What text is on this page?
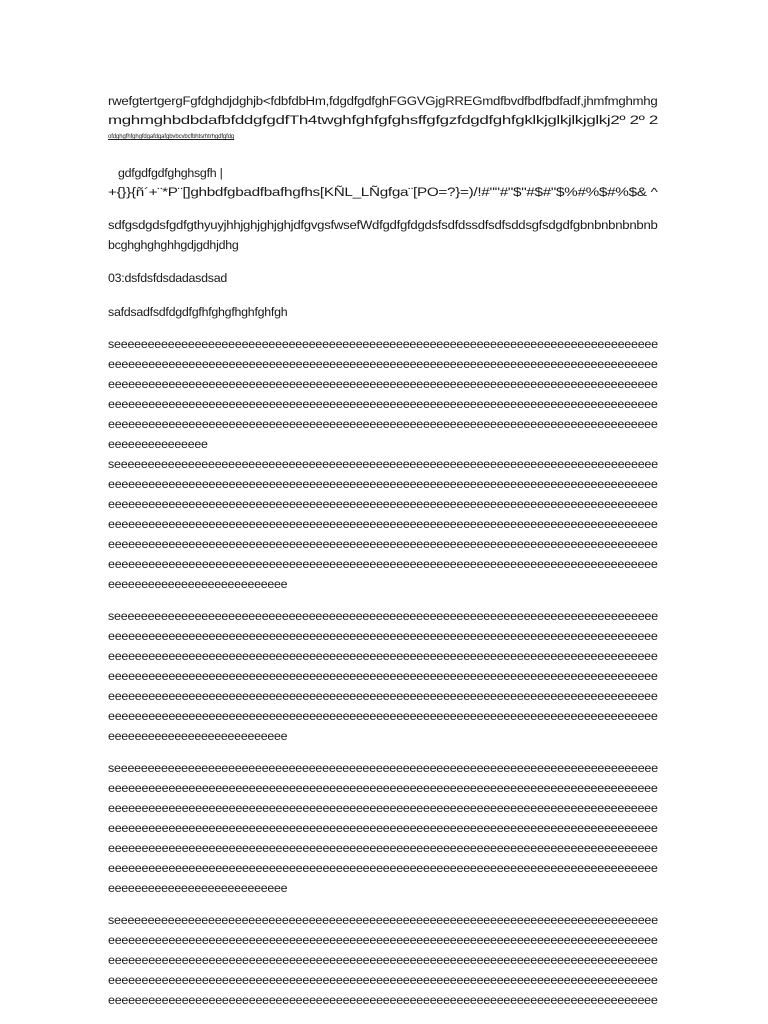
rwefgtertgergFgfdghdjdghjb<fdbfdbHm,fdgdfgdfghFGGVGjgRREGmdfbvdfbdfbdfadf,jhmfmghmhg
mghmghbdbdafbfddgfgdfTh4twghfghfgfghsffgfgzfdgdfghfgklkjglkjlkjglkj2º 2º 2
ofdghgfhfghgfdgafdgafgbvbcvbcfbhtsrhtrhgdfgfdg
gdfgdfgdfghghsgfh |
+{}}{ñ´+¨*P¨[]ghbdfgbadfbafhgfhs[KÑL_LÑgfga¨[PO=?}=)/!#""#"$"#$#"$%#%$#%$& ^
sdfgsdgdsfgdfgthyuyjhhjghjghjghjdfgvgsfwsefWdfgdfgfdgdsfsdfdssdfsdfsddsgfsdgdfgbnbnbnbnbnb
bcghghghghhgdjgdhjdhg
03:dsfdsfdsdadasdsad
safdsadfsdfdgdfgfhfghgfhghfghfgh
seeeeeeeeeeeeeeeeeeeeeeeeeeeeeeeeeeeeeeeeeeeeeeeeeeeeeeeeeeeeeeeeeeeeeeeeeeeeeeeee
eeeeeeeeeeeeeeeeeeeeeeeeeeeeeeeeeeeeeeeeeeeeeeeeeeeeeeeeeeeeeeeeeeeeeeeeeeeeeeeeee
eeeeeeeeeeeeeeeeeeeeeeeeeeeeeeeeeeeeeeeeeeeeeeeeeeeeeeeeeeeeeeeeeeeeeeeeeeeeeeeeee
eeeeeeeeeeeeeeeeeeeeeeeeeeeeeeeeeeeeeeeeeeeeeeeeeeeeeeeeeeeeeeeeeeeeeeeeeeeeeeeeee
eeeeeeeeeeeeeeeeeeeeeeeeeeeeeeeeeeeeeeeeeeeeeeeeeeeeeeeeeeeeeeeeeeeeeeeeeeeeeeeeee
eeeeeeeeeeeeeee
seeeeeeeeeeeeeeeeeeeeeeeeeeeeeeeeeeeeeeeeeeeeeeeeeeeeeeeeeeeeeeeeeeeeeeeeeeeeeeeee
eeeeeeeeeeeeeeeeeeeeeeeeeeeeeeeeeeeeeeeeeeeeeeeeeeeeeeeeeeeeeeeeeeeeeeeeeeeeeeeeee
eeeeeeeeeeeeeeeeeeeeeeeeeeeeeeeeeeeeeeeeeeeeeeeeeeeeeeeeeeeeeeeeeeeeeeeeeeeeeeeeee
eeeeeeeeeeeeeeeeeeeeeeeeeeeeeeeeeeeeeeeeeeeeeeeeeeeeeeeeeeeeeeeeeeeeeeeeeeeeeeeeee
eeeeeeeeeeeeeeeeeeeeeeeeeeeeeeeeeeeeeeeeeeeeeeeeeeeeeeeeeeeeeeeeeeeeeeeeeeeeeeeeee
eeeeeeeeeeeeeeeeeeeeeeeeeeeeeeeeeeeeeeeeeeeeeeeeeeeeeeeeeeeeeeeeeeeeeeeeeeeeeeeeee
eeeeeeeeeeeeeeeeeeeeeeeeeee
seeeeeeeeeeeeeeeeeeeeeeeeeeeeeeeeeeeeeeeeeeeeeeeeeeeeeeeeeeeeeeeeeeeeeeeeeeeeeeeee
eeeeeeeeeeeeeeeeeeeeeeeeeeeeeeeeeeeeeeeeeeeeeeeeeeeeeeeeeeeeeeeeeeeeeeeeeeeeeeeeee
eeeeeeeeeeeeeeeeeeeeeeeeeeeeeeeeeeeeeeeeeeeeeeeeeeeeeeeeeeeeeeeeeeeeeeeeeeeeeeeeee
eeeeeeeeeeeeeeeeeeeeeeeeeeeeeeeeeeeeeeeeeeeeeeeeeeeeeeeeeeeeeeeeeeeeeeeeeeeeeeeeee
eeeeeeeeeeeeeeeeeeeeeeeeeeeeeeeeeeeeeeeeeeeeeeeeeeeeeeeeeeeeeeeeeeeeeeeeeeeeeeeeee
eeeeeeeeeeeeeeeeeeeeeeeeeeeeeeeeeeeeeeeeeeeeeeeeeeeeeeeeeeeeeeeeeeeeeeeeeeeeeeeeee
eeeeeeeeeeeeeeeeeeeeeeeeeee
seeeeeeeeeeeeeeeeeeeeeeeeeeeeeeeeeeeeeeeeeeeeeeeeeeeeeeeeeeeeeeeeeeeeeeeeeeeeeeeee
eeeeeeeeeeeeeeeeeeeeeeeeeeeeeeeeeeeeeeeeeeeeeeeeeeeeeeeeeeeeeeeeeeeeeeeeeeeeeeeeee
eeeeeeeeeeeeeeeeeeeeeeeeeeeeeeeeeeeeeeeeeeeeeeeeeeeeeeeeeeeeeeeeeeeeeeeeeeeeeeeeee
eeeeeeeeeeeeeeeeeeeeeeeeeeeeeeeeeeeeeeeeeeeeeeeeeeeeeeeeeeeeeeeeeeeeeeeeeeeeeeeeee
eeeeeeeeeeeeeeeeeeeeeeeeeeeeeeeeeeeeeeeeeeeeeeeeeeeeeeeeeeeeeeeeeeeeeeeeeeeeeeeeee
eeeeeeeeeeeeeeeeeeeeeeeeeeeeeeeeeeeeeeeeeeeeeeeeeeeeeeeeeeeeeeeeeeeeeeeeeeeeeeeeee
eeeeeeeeeeeeeeeeeeeeeeeeeee
seeeeeeeeeeeeeeeeeeeeeeeeeeeeeeeeeeeeeeeeeeeeeeeeeeeeeeeeeeeeeeeeeeeeeeeeeeeeeeeee
eeeeeeeeeeeeeeeeeeeeeeeeeeeeeeeeeeeeeeeeeeeeeeeeeeeeeeeeeeeeeeeeeeeeeeeeeeeeeeeeee
eeeeeeeeeeeeeeeeeeeeeeeeeeeeeeeeeeeeeeeeeeeeeeeeeeeeeeeeeeeeeeeeeeeeeeeeeeeeeeeeee
eeeeeeeeeeeeeeeeeeeeeeeeeeeeeeeeeeeeeeeeeeeeeeeeeeeeeeeeeeeeeeeeeeeeeeeeeeeeeeeeee
eeeeeeeeeeeeeeeeeeeeeeeeeeeeeeeeeeeeeeeeeeeeeeeeeeeeeeeeeeeeeeeeeeeeeeeeeeeeeeeeee
